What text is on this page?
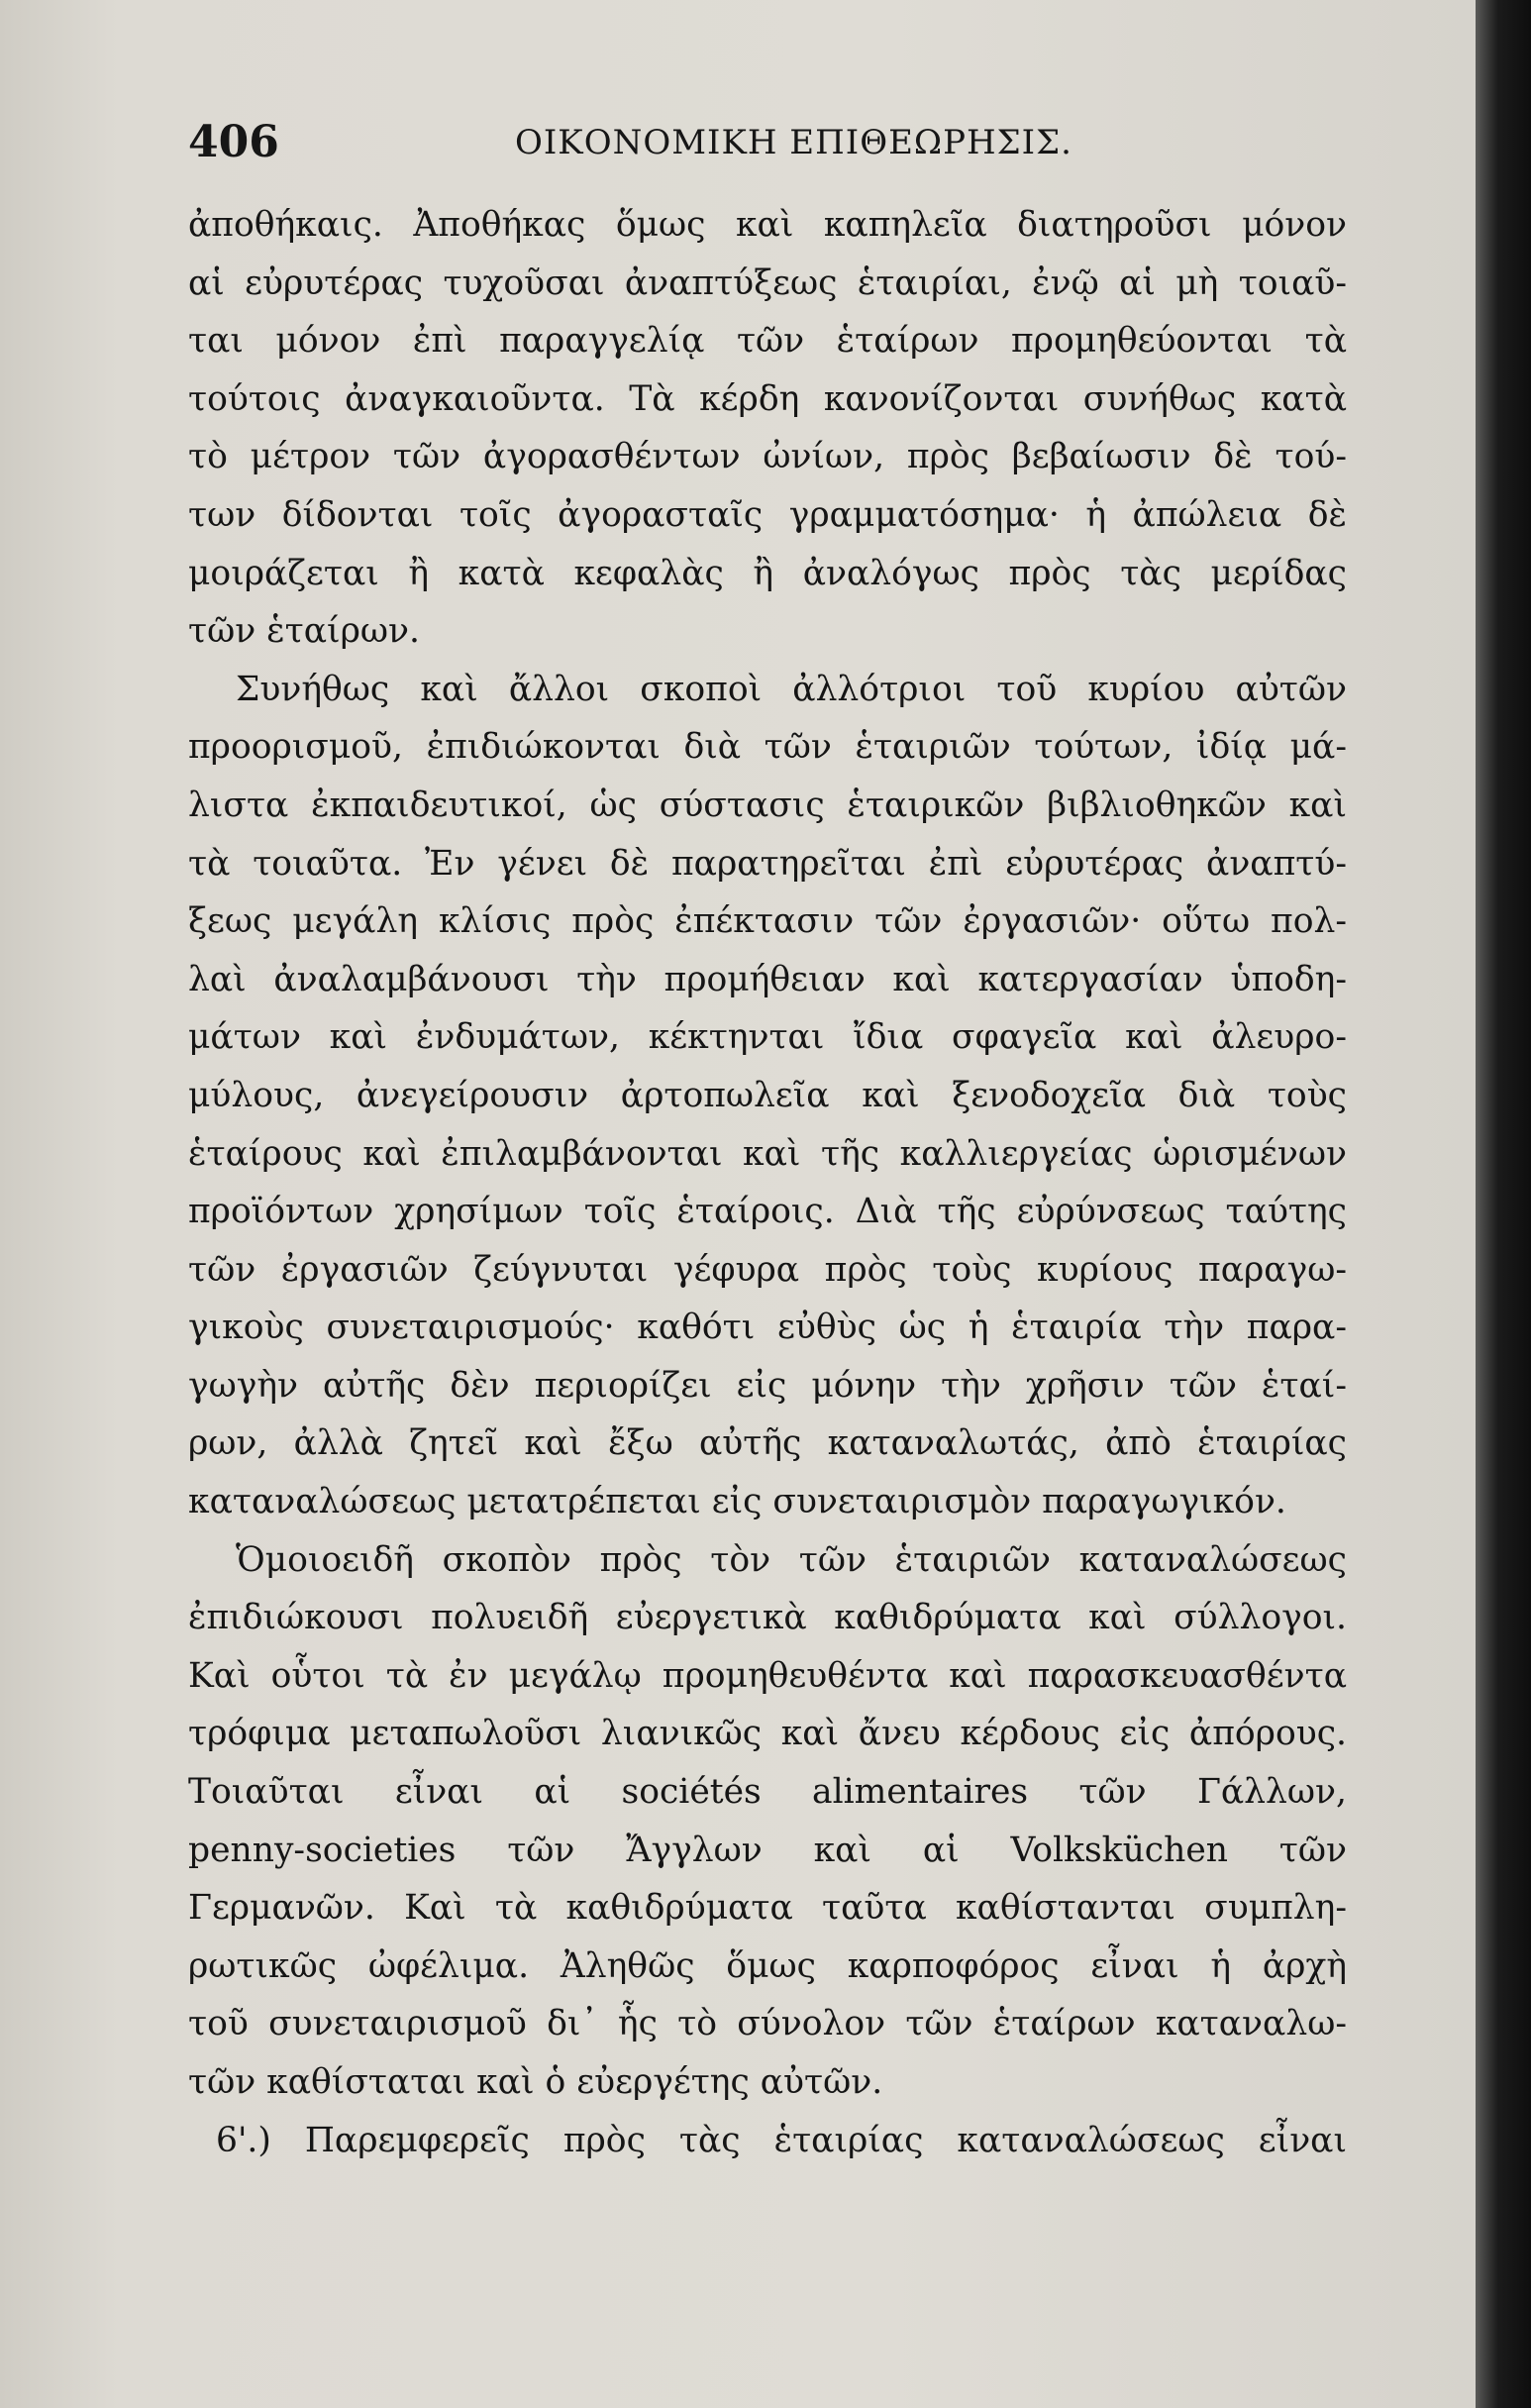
406	ΟΙΚΟΝΟΜΙΚΗ ΕΠΙΘΕΩΡΗΣΙΣ.
ἀποθήκαις. Ἀποθήκας ὅμως καὶ καπηλεῖα διατηροῦσι μόνον
αἱ εὐρυτέρας τυχοῦσαι ἀναπτύξεως ἑταιρίαι, ἐνῷ αἱ μὴ τοιαῦ-
ται μόνον ἐπὶ παραγγελίᾳ τῶν ἑταίρων προμηθεύονται τὰ
τούτοις ἀναγκαιοῦντα. Τὰ κέρδη κανονίζονται συνήθως κατὰ
τὸ μέτρον τῶν ἀγορασθέντων ὠνίων, πρὸς βεβαίωσιν δὲ τού-
των δίδονται τοῖς ἀγορασταῖς γραμματόσημα· ἡ ἀπώλεια δὲ
μοιράζεται ἢ κατὰ κεφαλὰς ἢ ἀναλόγως πρὸς τὰς μερίδας
τῶν ἑταίρων.
Συνήθως καὶ ἄλλοι σκοποὶ ἀλλότριοι τοῦ κυρίου αὐτῶν
προορισμοῦ, ἐπιδιώκονται διὰ τῶν ἑταιριῶν τούτων, ἰδίᾳ μά-
λιστα ἐκπαιδευτικοί, ὡς σύστασις ἑταιρικῶν βιβλιοθηκῶν καὶ
τὰ τοιαῦτα. Ἐν γένει δὲ παρατηρεῖται ἐπὶ εὐρυτέρας ἀναπτύ-
ξεως μεγάλη κλίσις πρὸς ἐπέκτασιν τῶν ἐργασιῶν· οὕτω πολ-
λαὶ ἀναλαμβάνουσι τὴν προμήθειαν καὶ κατεργασίαν ὑποδη-
μάτων καὶ ἐνδυμάτων, κέκτηνται ἴδια σφαγεῖα καὶ ἀλευρο-
μύλους, ἀνεγείρουσιν ἀρτοπωλεῖα καὶ ξενοδοχεῖα διὰ τοὺς
ἑταίρους καὶ ἐπιλαμβάνονται καὶ τῆς καλλιεργείας ὡρισμένων
προϊόντων χρησίμων τοῖς ἑταίροις. Διὰ τῆς εὐρύνσεως ταύτης
τῶν ἐργασιῶν ζεύγνυται γέφυρα πρὸς τοὺς κυρίους παραγω-
γικοὺς συνεταιρισμούς· καθότι εὐθὺς ὡς ἡ ἑταιρία τὴν παρα-
γωγὴν αὐτῆς δὲν περιορίζει εἰς μόνην τὴν χρῆσιν τῶν ἑταί-
ρων, ἀλλὰ ζητεῖ καὶ ἔξω αὐτῆς καταναλωτάς, ἀπὸ ἑταιρίας
καταναλώσεως μετατρέπεται εἰς συνεταιρισμὸν παραγωγικόν.
Ὁμοιοειδῆ σκοπὸν πρὸς τὸν τῶν ἑταιριῶν καταναλώσεως
ἐπιδιώκουσι πολυειδῆ εὐεργετικὰ καθιδρύματα καὶ σύλλογοι.
Καὶ οὗτοι τὰ ἐν μεγάλῳ προμηθευθέντα καὶ παρασκευασθέντα
τρόφιμα μεταπωλοῦσι λιανικῶς καὶ ἄνευ κέρδους εἰς ἀπόρους.
Τοιαῦται εἶναι αἱ sociétés alimentaires τῶν Γάλλων,
penny-societies τῶν Ἄγγλων καὶ αἱ Volksküchen τῶν
Γερμανῶν. Καὶ τὰ καθιδρύματα ταῦτα καθίστανται συμπλη-
ρωτικῶς ὠφέλιμα. Ἀληθῶς ὅμως καρποφόρος εἶναι ἡ ἀρχὴ
τοῦ συνεταιρισμοῦ δι᾽ ἧς τὸ σύνολον τῶν ἑταίρων καταναλω-
τῶν καθίσταται καὶ ὁ εὐεργέτης αὐτῶν.
6'.) Παρεμφερεῖς πρὸς τὰς ἑταιρίας καταναλώσεως εἶναι
